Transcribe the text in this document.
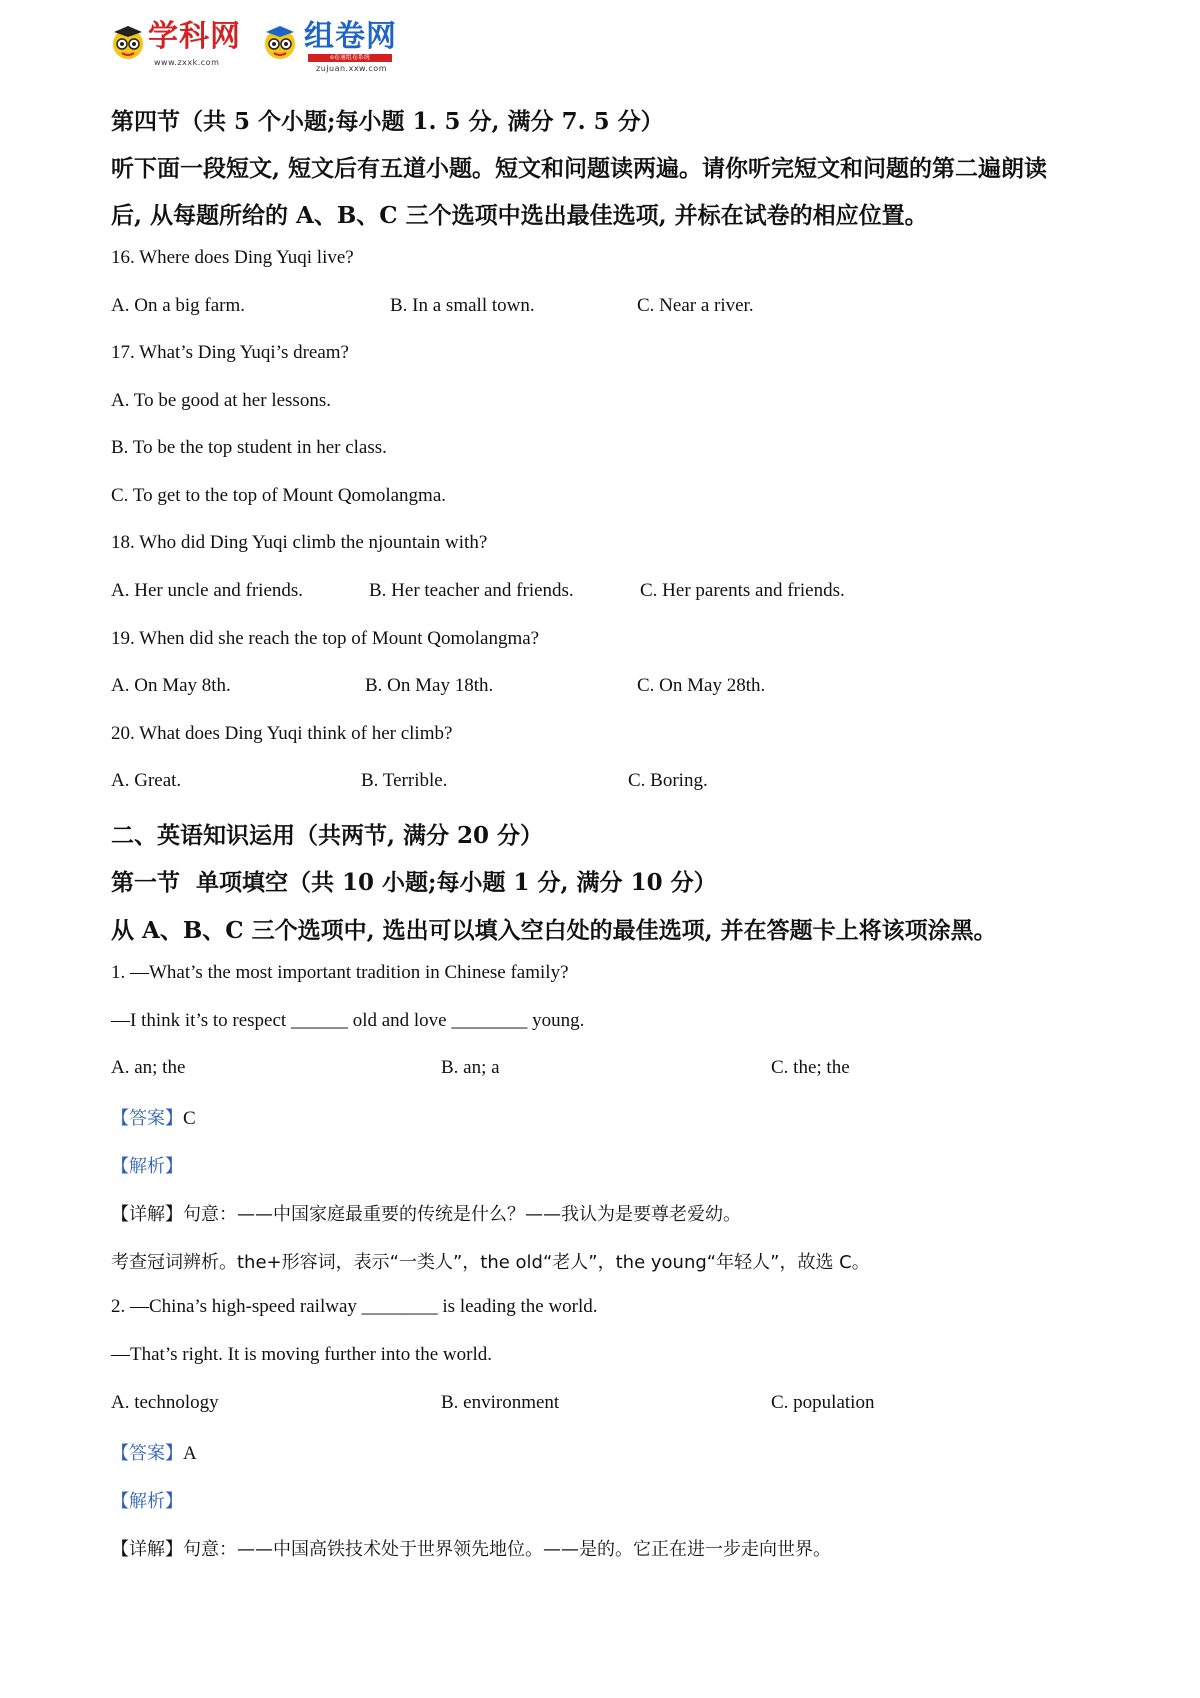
学科网
www.zxxk.com
组卷网
e卷通组卷系统
zujuan.xxw.com
第四节（共 5 个小题;每小题 1. 5 分, 满分 7. 5 分）
听下面一段短文, 短文后有五道小题。短文和问题读两遍。请你听完短文和问题的第二遍朗读
后, 从每题所给的 A、B、C 三个选项中选出最佳选项, 并标在试卷的相应位置。
16. Where does Ding Yuqi live?
A. On a big farm.	B. In a small town.	C. Near a river.
17. What’s Ding Yuqi’s dream?
A. To be good at her lessons.
B. To be the top student in her class.
C. To get to the top of Mount Qomolangma.
18. Who did Ding Yuqi climb the njountain with?
A. Her uncle and friends.	B. Her teacher and friends.	C. Her parents and friends.
19. When did she reach the top of Mount Qomolangma?
A. On May 8th.	B. On May 18th.	C. On May 28th.
20. What does Ding Yuqi think of her climb?
A. Great.	B. Terrible.	C. Boring.
二、英语知识运用（共两节, 满分 20 分）
第一节  单项填空（共 10 小题;每小题 1 分, 满分 10 分）
从 A、B、C 三个选项中, 选出可以填入空白处的最佳选项, 并在答题卡上将该项涂黑。
1. —What’s the most important tradition in Chinese family?
—I think it’s to respect ______ old and love ________ young.
A. an; the	B. an; a	C. the; the
【答案】C
【解析】
【详解】句意：——中国家庭最重要的传统是什么？——我认为是要尊老爱幼。
考查冠词辨析。the+形容词，表示“一类人”，the old“老人”，the young“年轻人”，故选 C。
2. —China’s high-speed railway ________ is leading the world.
—That’s right. It is moving further into the world.
A. technology	B. environment	C. population
【答案】A
【解析】
【详解】句意：——中国高铁技术处于世界领先地位。——是的。它正在进一步走向世界。
